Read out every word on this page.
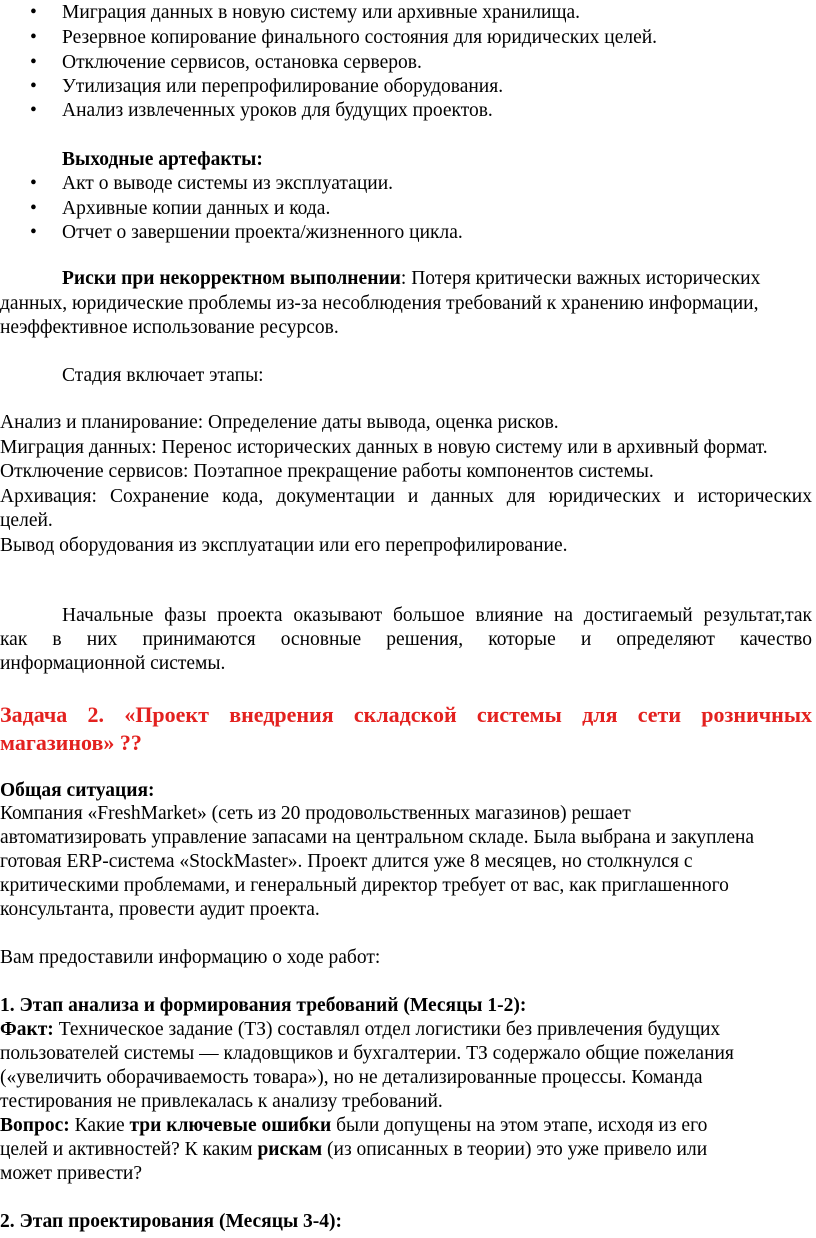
• Миграция данных в новую систему или архивные хранилища.
• Резервное копирование финального состояния для юридических целей.
• Отключение сервисов, остановка серверов.
• Утилизация или перепрофилирование оборудования.
• Анализ извлеченных уроков для будущих проектов.
Выходные артефакты:
• Акт о выводе системы из эксплуатации.
• Архивные копии данных и кода.
• Отчет о завершении проекта/жизненного цикла.
Риски при некорректном выполнении: Потеря критически важных исторических
данных, юридические проблемы из-за несоблюдения требований к хранению информации,
неэффективное использование ресурсов.
Стадия включает этапы:
Анализ и планирование: Определение даты вывода, оценка рисков.
Миграция данных: Перенос исторических данных в новую систему или в архивный формат.
Отключение сервисов: Поэтапное прекращение работы компонентов системы.
Архивация: Сохранение кода, документации и данных для юридических и исторических
целей.
Вывод оборудования из эксплуатации или его перепрофилирование.
Начальные фазы проекта оказывают большое влияние на достигаемый результат,так
как в них принимаются основные решения, которые и определяют качество
информационной системы.
Задача 2. «Проект внедрения складской системы для сети розничных
магазинов» ??
Общая ситуация:
Компания «FreshMarket» (сеть из 20 продовольственных магазинов) решает
автоматизировать управление запасами на центральном складе. Была выбрана и закуплена
готовая ERP-система «StockMaster». Проект длится уже 8 месяцев, но столкнулся с
критическими проблемами, и генеральный директор требует от вас, как приглашенного
консультанта, провести аудит проекта.
Вам предоставили информацию о ходе работ:
1. Этап анализа и формирования требований (Месяцы 1-2):
Факт: Техническое задание (ТЗ) составлял отдел логистики без привлечения будущих
пользователей системы — кладовщиков и бухгалтерии. ТЗ содержало общие пожелания
(«увеличить оборачиваемость товара»), но не детализированные процессы. Команда
тестирования не привлекалась к анализу требований.
Вопрос: Какие три ключевые ошибки были допущены на этом этапе, исходя из его
целей и активностей? К каким рискам (из описанных в теории) это уже привело или
может привести?
2. Этап проектирования (Месяцы 3-4):
